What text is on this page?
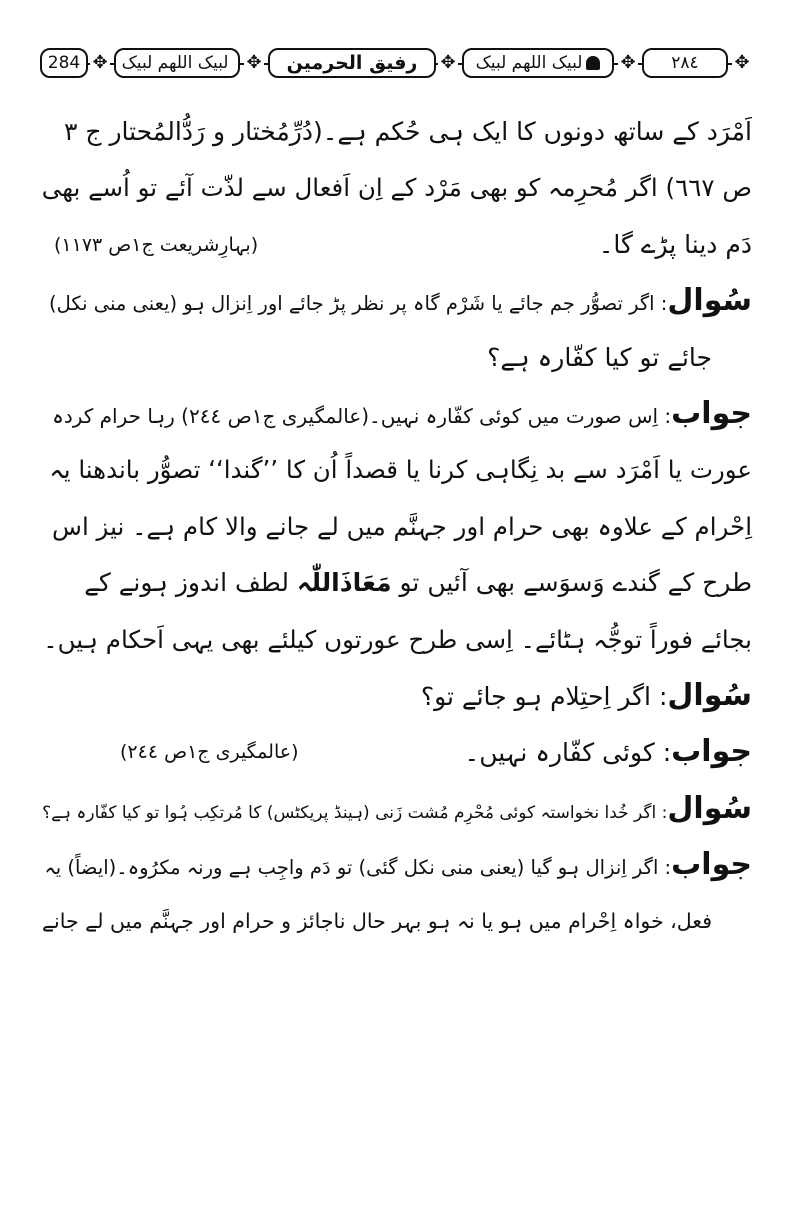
✥
۲۸٤
✥
لبیک اللھم لبیک
✥
رفیق الحرمین
✥
لبیک اللھم لبیک
✥
284
اَمْرَد کے ساتھ دونوں کا ایک ہی حُکم ہے۔(دُرِّمُختار و رَدُّالمُحتار ج ۳
ص ٦٦٧) اگر مُحرِمہ کو بھی مَرْد کے اِن اَفعال سے لذّت آئے تو اُسے بھی
دَم دینا پڑے گا۔
(بہارِشریعت ج۱ص ۱۱۷۳)
سُوال: اگر تصوُّر جم جائے یا شَرْم گاہ پر نظر پڑ جائے اور اِنزال ہو (یعنی منی نکل)
جائے تو کیا کفّارہ ہے؟
جواب: اِس صورت میں کوئی کفّارہ نہیں۔(عالمگیری ج۱ص ۲٤٤) رہا حرام کردہ
عورت یا اَمْرَد سے بد نِگاہی کرنا یا قصداً اُن کا ’’گندا‘‘ تصوُّر باندھنا یہ
اِحْرام کے علاوہ بھی حرام اور جہنَّم میں لے جانے والا کام ہے۔ نیز اس
طرح کے گندے وَسوَسے بھی آئیں تو مَعَاذَاللّٰہ لطف اندوز ہونے کے
بجائے فوراً توجُّہ ہٹائے۔ اِسی طرح عورتوں کیلئے بھی یہی اَحکام ہیں۔
سُوال: اگر اِحتِلام ہو جائے تو؟
جواب: کوئی کفّارہ نہیں۔
(عالمگیری ج۱ص ۲٤٤)
سُوال: اگر خُدا نخواستہ کوئی مُحْرِم مُشت زَنی (ہینڈ پریکٹس) کا مُرتکِب ہُوا تو کیا کفّارہ ہے؟
جواب: اگر اِنزال ہو گیا (یعنی منی نکل گئی) تو دَم واجِب ہے ورنہ مکرُوہ۔(ایضاً) یہ
فعل، خواہ اِحْرام میں ہو یا نہ ہو بہر حال ناجائز و حرام اور جہنَّم میں لے جانے
